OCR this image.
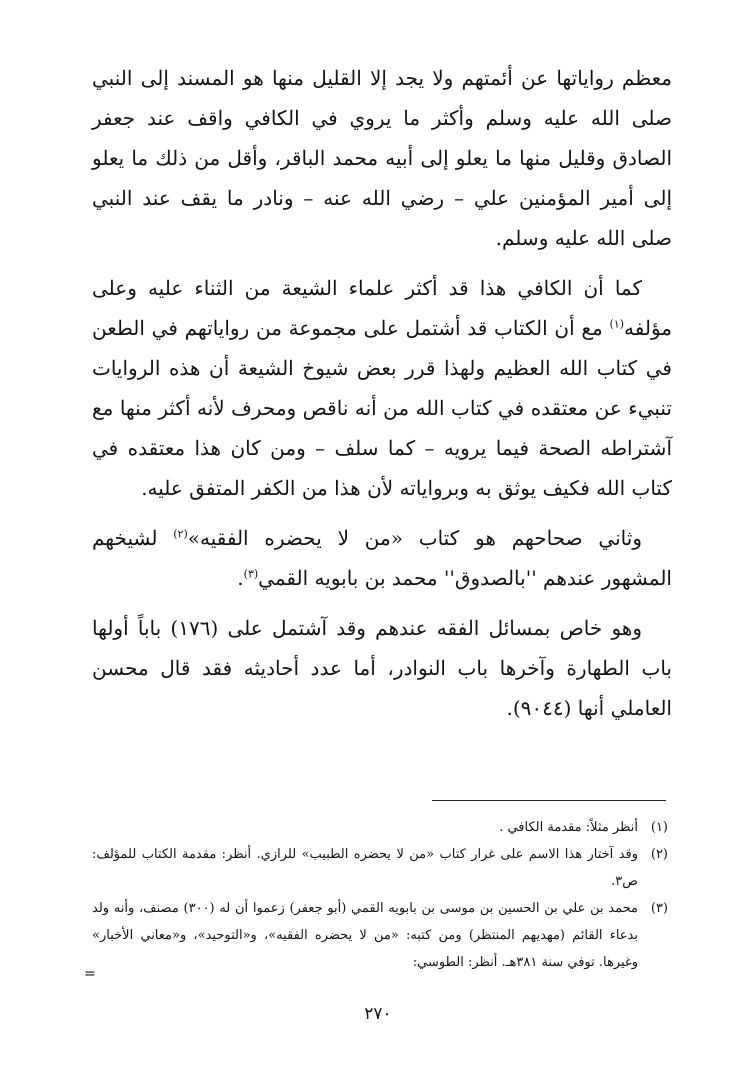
معظم رواياتها عن أئمتهم ولا يجد إلا القليل منها هو المسند إلى النبي صلى الله عليه وسلم وأكثر ما يروي في الكافي واقف عند جعفر الصادق وقليل منها ما يعلو إلى أبيه محمد الباقر، وأقل من ذلك ما يعلو إلى أمير المؤمنين علي – رضي الله عنه – ونادر ما يقف عند النبي صلى الله عليه وسلم.

كما أن الكافي هذا قد أكثر علماء الشيعة من الثناء عليه وعلى مؤلفه$^{(١)}$ مع أن الكتاب قد أشتمل على مجموعة من رواياتهم في الطعن في كتاب الله العظيم ولهذا قرر بعض شيوخ الشيعة أن هذه الروايات تنبيء عن معتقده في كتاب الله من أنه ناقص ومحرف لأنه أكثر منها مع آشتراطه الصحة فيما يرويه – كما سلف – ومن كان هذا معتقده في كتاب الله فكيف يوثق به وبرواياته لأن هذا من الكفر المتفق عليه.

وثاني صحاحهم هو كتاب «من لا يحضره الفقيه»$^{(٢)}$ لشيخهم المشهور عندهم ''بالصدوق'' محمد بن بابويه القمي$^{(٣)}$.

وهو خاص بمسائل الفقه عندهم وقد آشتمل على (١٧٦) باباً أولها باب الطهارة وآخرها باب النوادر، أما عدد أحاديثه فقد قال محسن العاملي أنها (٩٠٤٤).

(١)
أنظر مثلاً: مقدمة الكافي .
(٢)
وقد آختار هذا الاسم على غرار كتاب «من لا يحضره الطبيب» للرازي. أنظر: مقدمة الكتاب للمؤلف: ص٣.
(٣)
محمد بن علي بن الحسين بن موسى بن بابويه القمي (أبو جعفر) زعموا أن له (٣٠٠) مصنف، وأنه ولد بدعاء القائم (مهديهم المنتظر) ومن كتبه: «من لا يحضره الفقيه»، و«التوحيد»، و«معاني الأخبار» وغيرها. توفي سنة ٣٨١هـ. أنظر: الطوسي:
=
٢٧٠
